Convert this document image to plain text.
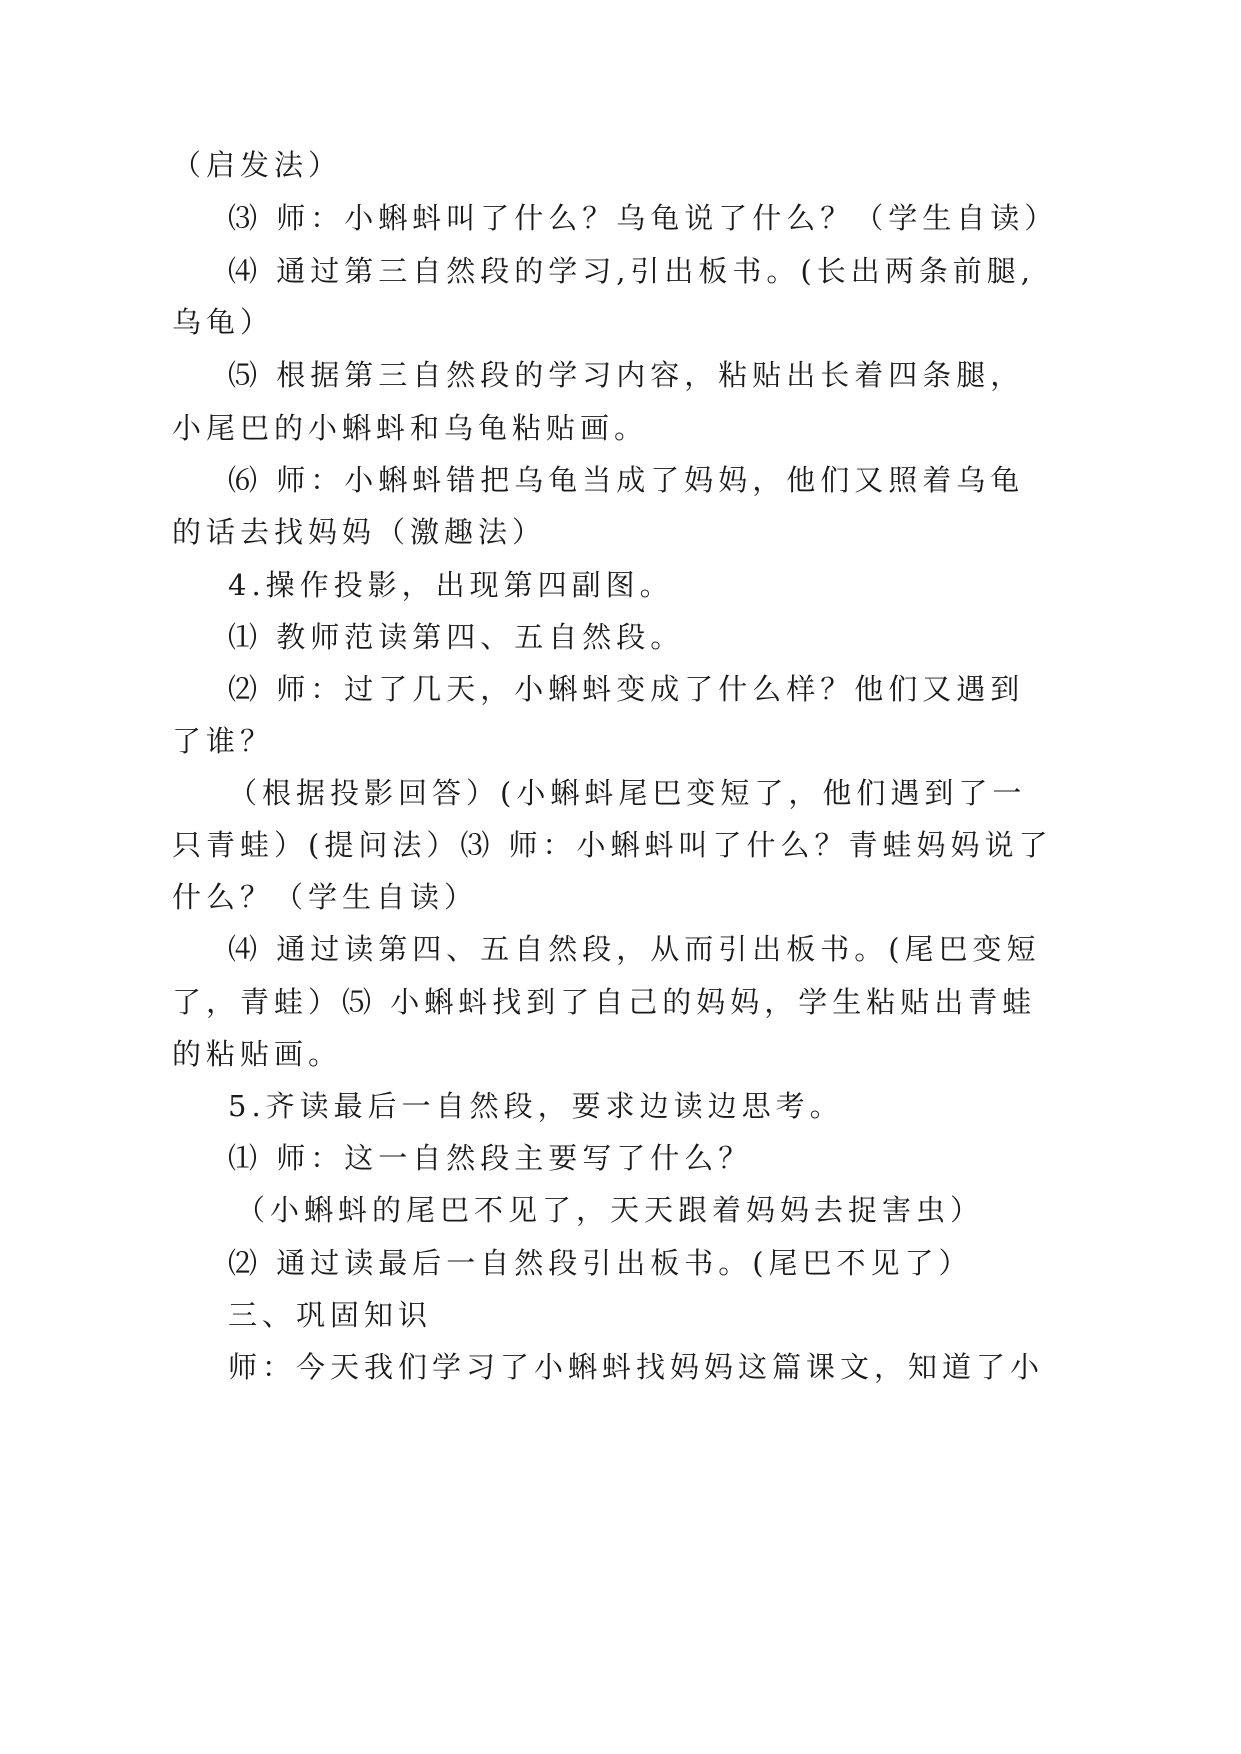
（启发法）
⑶ 师：小蝌蚪叫了什么？乌龟说了什么？（学生自读）
⑷ 通过第三自然段的学习,引出板书。(长出两条前腿,
乌龟）
⑸ 根据第三自然段的学习内容，粘贴出长着四条腿，
小尾巴的小蝌蚪和乌龟粘贴画。
⑹ 师：小蝌蚪错把乌龟当成了妈妈，他们又照着乌龟
的话去找妈妈（激趣法）
4.操作投影，出现第四副图。
⑴ 教师范读第四、五自然段。
⑵ 师：过了几天，小蝌蚪变成了什么样？他们又遇到
了谁？
（根据投影回答）(小蝌蚪尾巴变短了，他们遇到了一
只青蛙）(提问法）⑶ 师：小蝌蚪叫了什么？青蛙妈妈说了
什么？（学生自读）
⑷ 通过读第四、五自然段，从而引出板书。(尾巴变短
了，青蛙）⑸ 小蝌蚪找到了自己的妈妈，学生粘贴出青蛙
的粘贴画。
5.齐读最后一自然段，要求边读边思考。
⑴ 师：这一自然段主要写了什么？
（小蝌蚪的尾巴不见了，天天跟着妈妈去捉害虫）
⑵ 通过读最后一自然段引出板书。(尾巴不见了）
三、巩固知识
师：今天我们学习了小蝌蚪找妈妈这篇课文，知道了小
